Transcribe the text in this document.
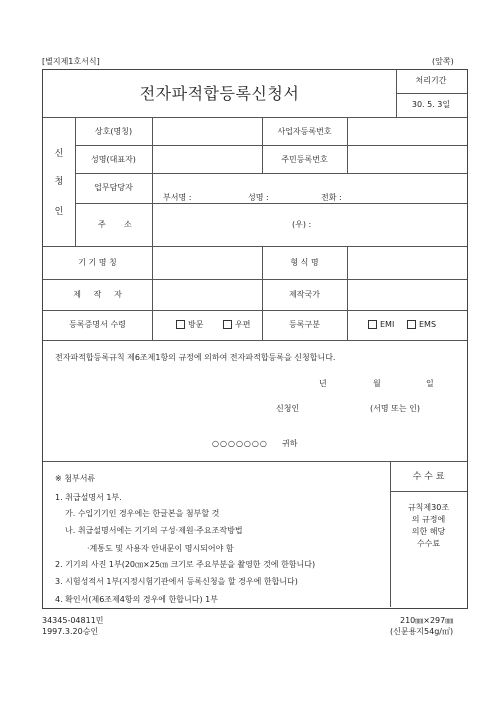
[별지제1호서식]	(앞쪽)
전자파적합등록신청서
처리기간
30. 5. 3일
신
청
인
상호(명칭)	사업자등록번호
성명(대표자)	주민등록번호
업무담당자
부서명 :	성명 :	전화 :
주 소	(우) :
기 기 명 칭	형 식 명
제     작     자	제작국가
등록증명서 수령	방문	우편	등록구분	EMI	EMS
전자파적합등록규칙 제6조제1항의 규정에 의하여 전자파적합등록을 신청합니다.
년	월	일
신청인	(서명 또는 인)
○○○○○○○ 귀하
※ 첨부서류
1. 취급설명서 1부.
가. 수입기기인 경우에는 한글본을 첨부할 것
나. 취급설명서에는 기기의 구성·제원·주요조작방법
·계통도 및 사용자 안내문이 명시되어야 함
2. 기기의 사진 1부(20㎝×25㎝ 크기로 주요부분을 촬영한 것에 한함니다)
3. 시험성적서 1부(지정시험기관에서 등록신청을 할 경우에 한합니다)
4. 확인서(제6조제4항의 경우에 한합니다) 1부
수 수 료
규칙제30조
의 규정에
의한 해당
수수료
34345-04811민
1997.3.20승인
210㎜×297㎜
(신문용지54g/㎡)
